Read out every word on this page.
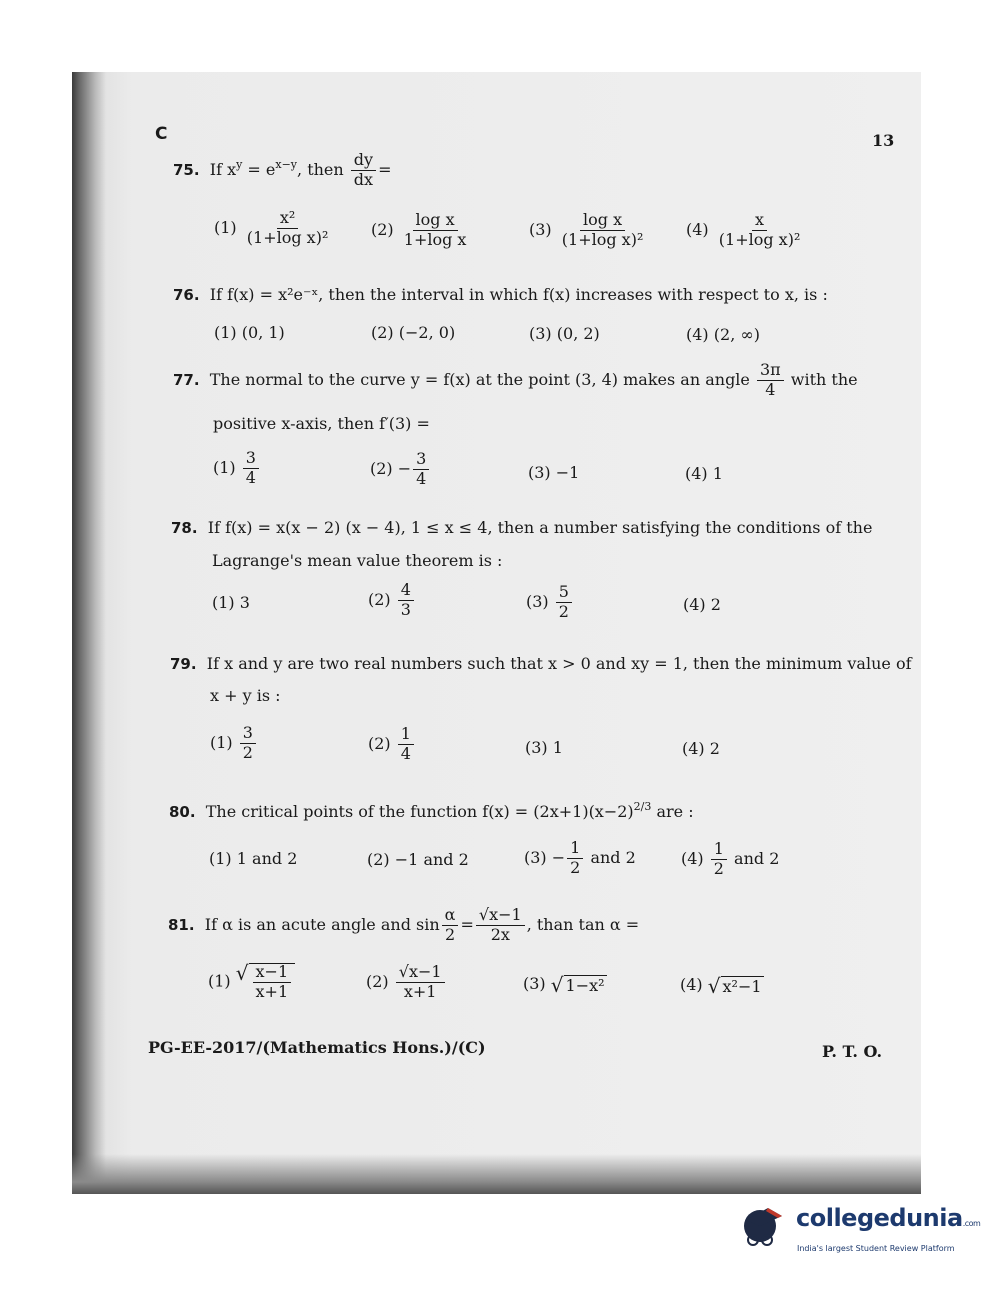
C	13
75. If $x^y = e^{x-y}$, then $\frac{dy}{dx}$ =
$(1) \frac{\text{x²}}{\text{(1+log x)²}} (2) \frac{\text{log x}}{\text{1+log x}}$	$(3) \frac{\text{log x}}{\text{(1+log x)²}} (4) \frac{x}{\text{(1+log x)²}}$
76. If f(x) = x²e⁻ˣ, then the interval in which f(x) increases with respect to x, is :
(1) (0, 1)	(2) (−2, 0)	(3) (0, 2)	(4) (2, ∞)
77. The normal to the curve y = f(x) at the point (3, 4) makes an angle $\frac{3\pi}{4}$ with the
positive x-axis, then f′(3) =
$(1) \frac{3}{4}$	$(2) - \frac{3}{4}$	(3) −1	(4) 1
78. If f(x) = x(x − 2) (x − 4), 1 ≤ x ≤ 4, then a number satisfying the conditions of the
Lagrange's mean value theorem is :
(1) 3	$(2) \frac{4}{3}$	$(3) \frac{5}{2}$	(4) 2
79. If x and y are two real numbers such that x > 0 and xy = 1, then the minimum value of
x + y is :
$(1) \frac{3}{2}$	$(2) \frac{1}{4}$	(3) 1	(4) 2
80. The critical points of the function $f(x) = (2x+1)(x-2)^{2/3}$ are :
(1) 1 and 2	(2) −1 and 2	$(3) - \frac{1}{2}$ and 2	$(4) \frac{1}{2}$ and 2
81. If α is an acute angle and $\sin \frac{\alpha}{2} = \frac{√x-1}{2x}$ , than tan α =
(1) √ $\frac{x-1}{x+1}$	$(2) \frac{√x-1}{x+1}$	(3) √ 1−x²	(4) √ x²−1
PG-EE-2017/(Mathematics Hons.)/(C)	P. T. O.
collegedunia.com
India's largest Student Review Platform
